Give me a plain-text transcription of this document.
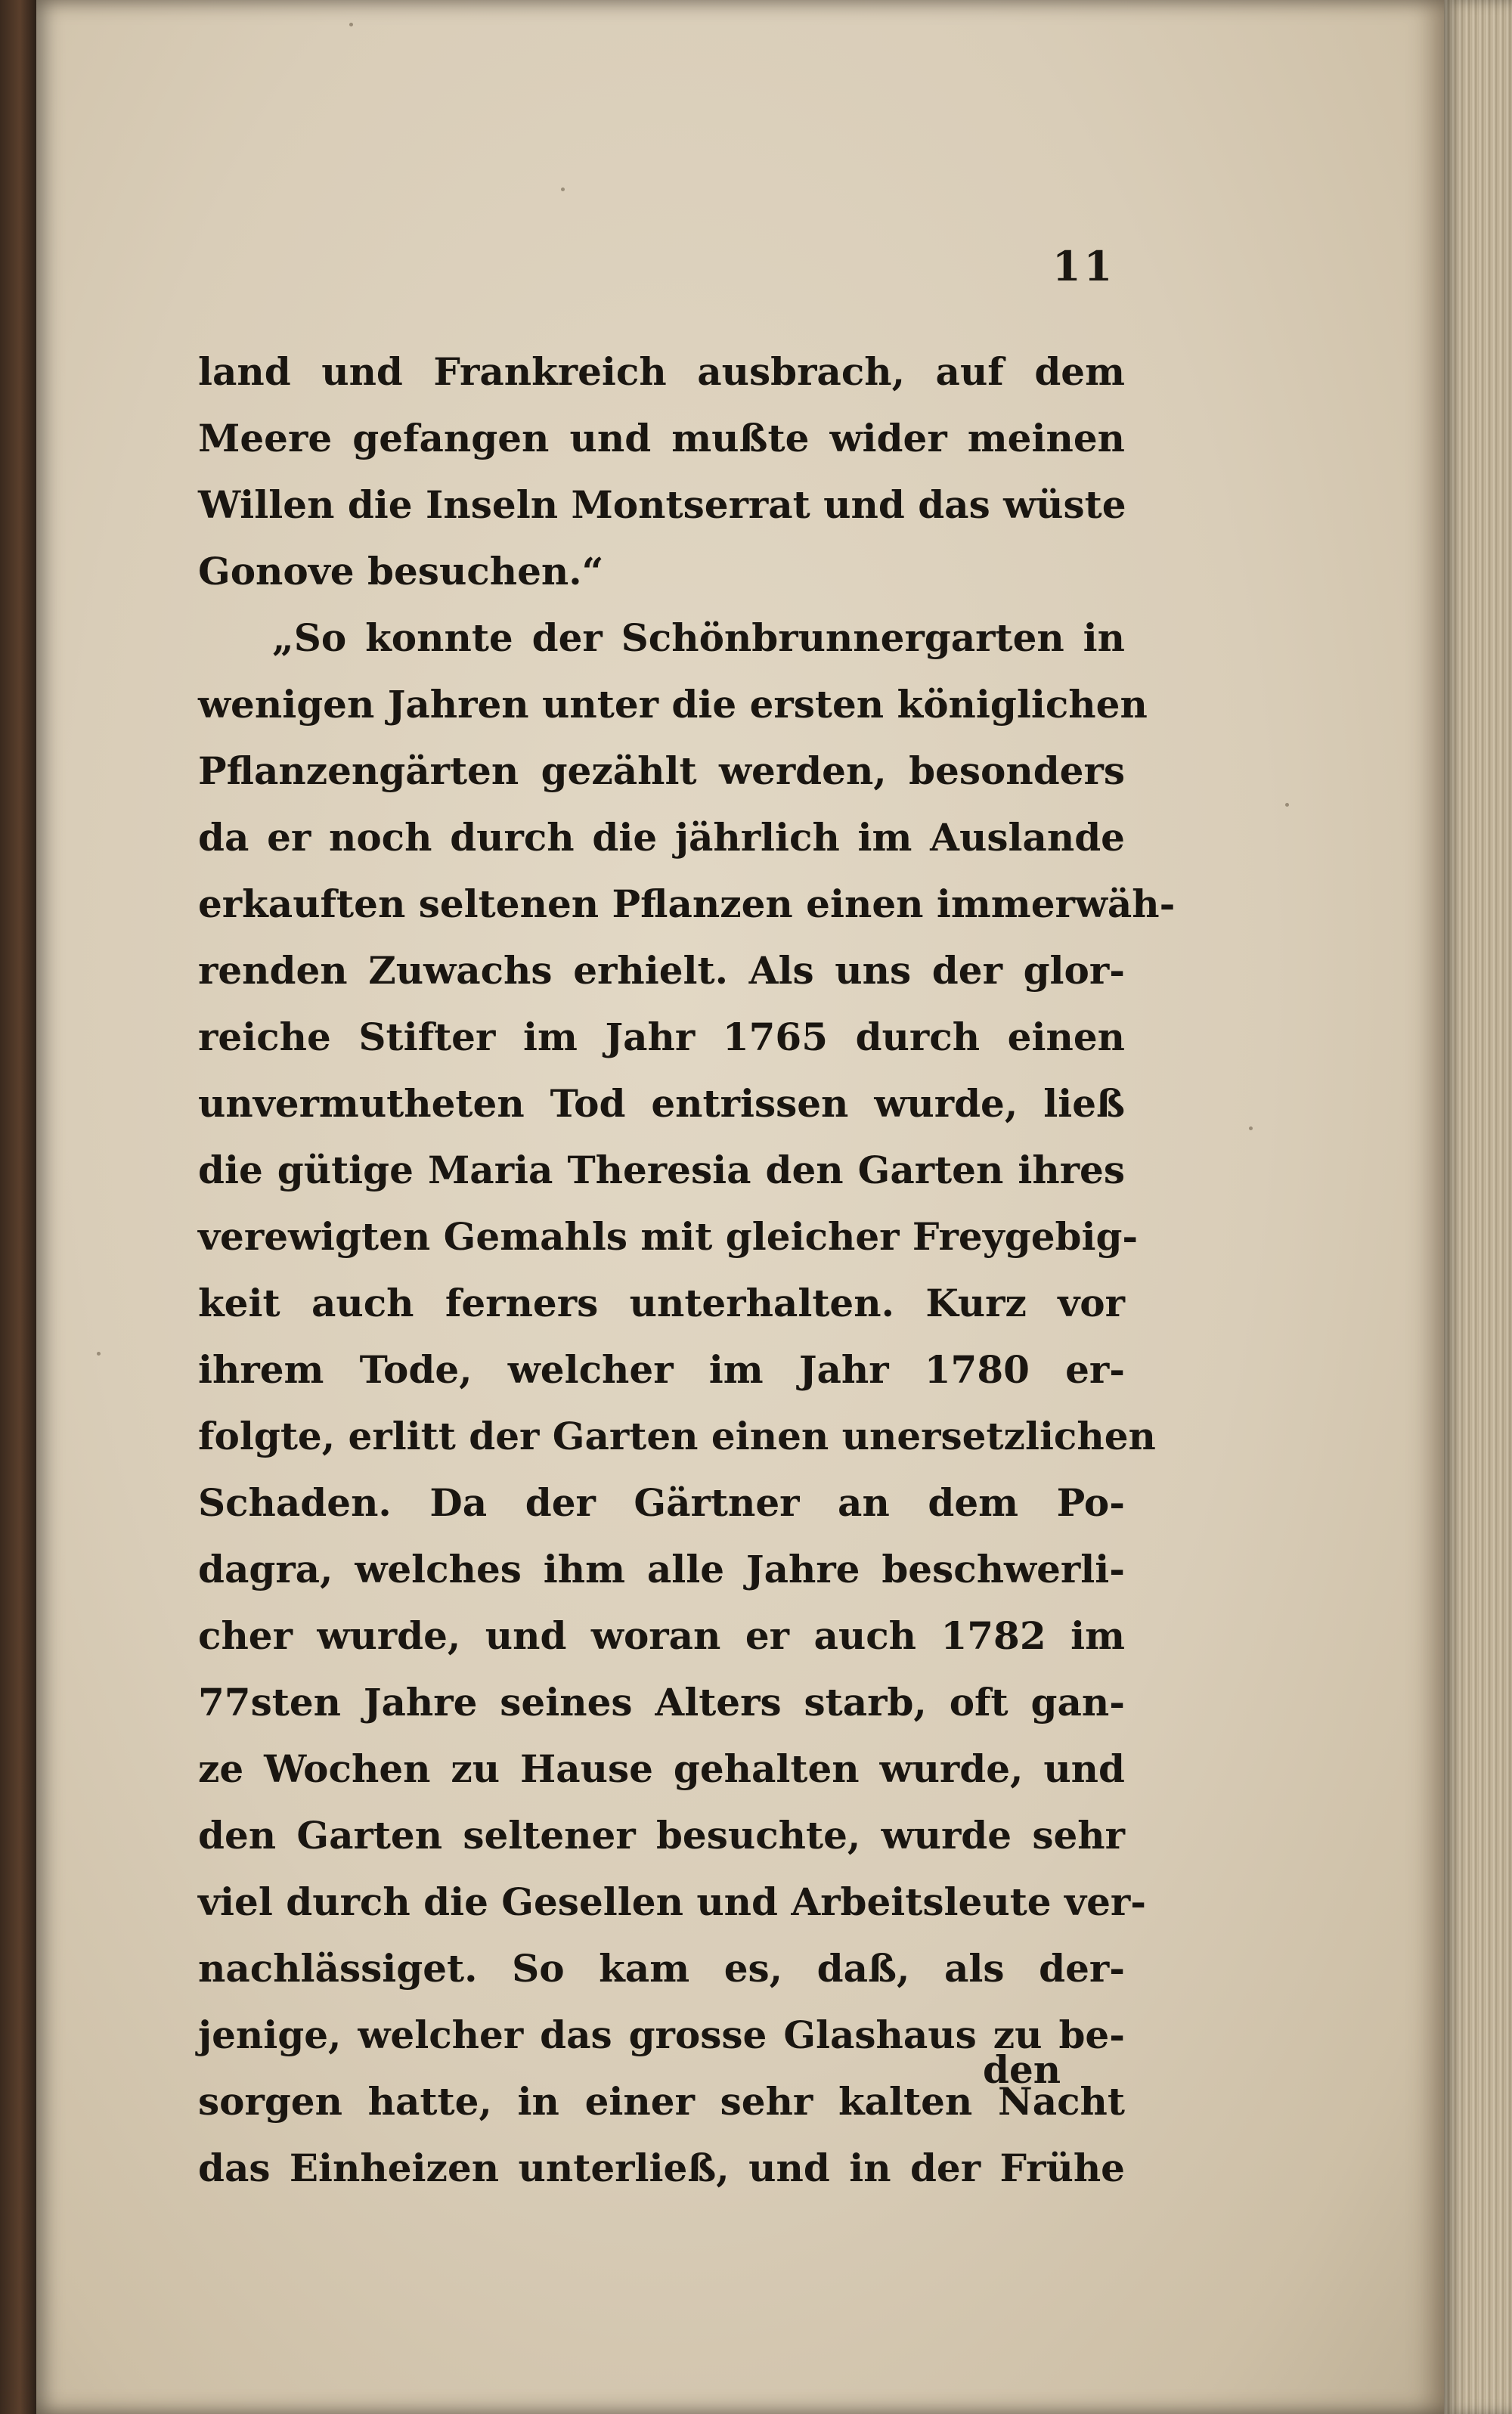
11
land und Frankreich ausbrach, auf dem
Meere gefangen und mußte wider meinen
Willen die Inseln Montserrat und das wüste
Gonove besuchen.“
„So konnte der Schönbrunnergarten in
wenigen Jahren unter die ersten königlichen
Pflanzengärten gezählt werden, besonders
da er noch durch die jährlich im Auslande
erkauften seltenen Pflanzen einen immerwäh-
renden Zuwachs erhielt. Als uns der glor-
reiche Stifter im Jahr 1765 durch einen
unvermutheten Tod entrissen wurde, ließ
die gütige Maria Theresia den Garten ihres
verewigten Gemahls mit gleicher Freygebig-
keit auch ferners unterhalten. Kurz vor
ihrem Tode, welcher im Jahr 1780 er-
folgte, erlitt der Garten einen unersetzlichen
Schaden. Da der Gärtner an dem Po-
dagra, welches ihm alle Jahre beschwerli-
cher wurde, und woran er auch 1782 im
77sten Jahre seines Alters starb, oft gan-
ze Wochen zu Hause gehalten wurde, und
den Garten seltener besuchte, wurde sehr
viel durch die Gesellen und Arbeitsleute ver-
nachlässiget. So kam es, daß, als der-
jenige, welcher das grosse Glashaus zu be-
sorgen hatte, in einer sehr kalten Nacht
das Einheizen unterließ, und in der Frühe
den
